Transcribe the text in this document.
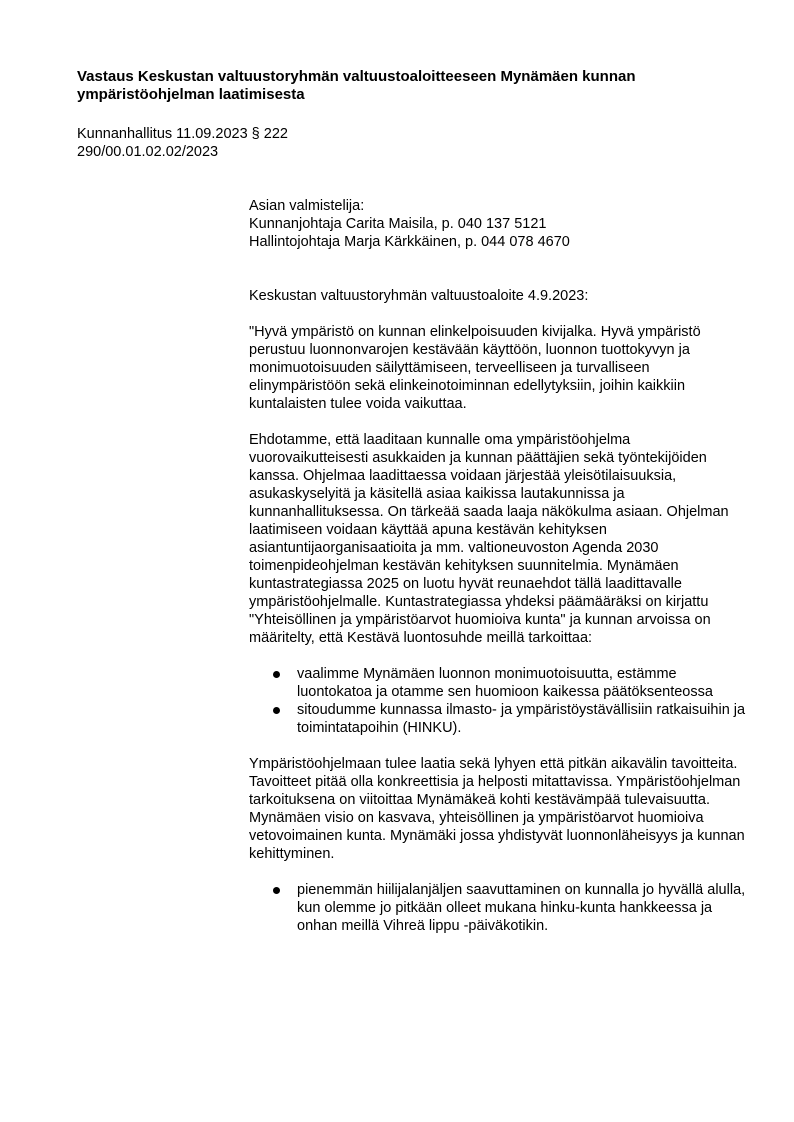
Vastaus Keskustan valtuustoryhmän valtuustoaloitteeseen Mynämäen kunnan ympäristöohjelman laatimisesta
Kunnanhallitus 11.09.2023 § 222
290/00.01.02.02/2023

Asian valmistelija:

Kunnanjohtaja Carita Maisila, p. 040 137 5121

Hallintojohtaja Marja Kärkkäinen, p. 044 078 4670

Keskustan valtuustoryhmän valtuustoaloite 4.9.2023:

"Hyvä ympäristö on kunnan elinkelpoisuuden kivijalka. Hyvä ympäristö perustuu luonnonvarojen kestävään käyttöön, luonnon tuottokyvyn ja monimuotoisuuden säilyttämiseen, terveelliseen ja turvalliseen elinympäristöön sekä elinkeinotoiminnan edellytyksiin, joihin kaikkiin kuntalaisten tulee voida vaikuttaa.

Ehdotamme, että laaditaan kunnalle oma ympäristöohjelma vuorovaikutteisesti asukkaiden ja kunnan päättäjien sekä työntekijöiden kanssa. Ohjelmaa laadittaessa voidaan järjestää yleisötilaisuuksia, asukaskyselyitä ja käsitellä asiaa kaikissa lautakunnissa ja kunnanhallituksessa. On tärkeää saada laaja näkökulma asiaan. Ohjelman laatimiseen voidaan käyttää apuna kestävän kehityksen asiantuntijaorganisaatioita ja mm. valtioneuvoston Agenda 2030 toimenpideohjelman kestävän kehityksen suunnitelmia. Mynämäen kuntastrategiassa 2025 on luotu hyvät reunaehdot tällä laadittavalle ympäristöohjelmalle. Kuntastrategiassa yhdeksi päämääräksi on kirjattu "Yhteisöllinen ja ympäristöarvot huomioiva kunta" ja kunnan arvoissa on määritelty, että Kestävä luontosuhde meillä tarkoittaa:

vaalimme Mynämäen luonnon monimuotoisuutta, estämme luontokatoa ja otamme sen huomioon kaikessa päätöksenteossa
sitoudumme kunnassa ilmasto- ja ympäristöystävällisiin ratkaisuihin ja toimintatapoihin (HINKU).

Ympäristöohjelmaan tulee laatia sekä lyhyen että pitkän aikavälin tavoitteita. Tavoitteet pitää olla konkreettisia ja helposti mitattavissa. Ympäristöohjelman tarkoituksena on viitoittaa Mynämäkeä kohti kestävämpää tulevaisuutta. Mynämäen visio on kasvava, yhteisöllinen ja ympäristöarvot huomioiva vetovoimainen kunta. Mynämäki jossa yhdistyvät luonnonläheisyys ja kunnan kehittyminen.

pienemmän hiilijalanjäljen saavuttaminen on kunnalla jo hyvällä alulla, kun olemme jo pitkään olleet mukana hinku-kunta hankkeessa ja onhan meillä Vihreä lippu -päiväkotikin.
